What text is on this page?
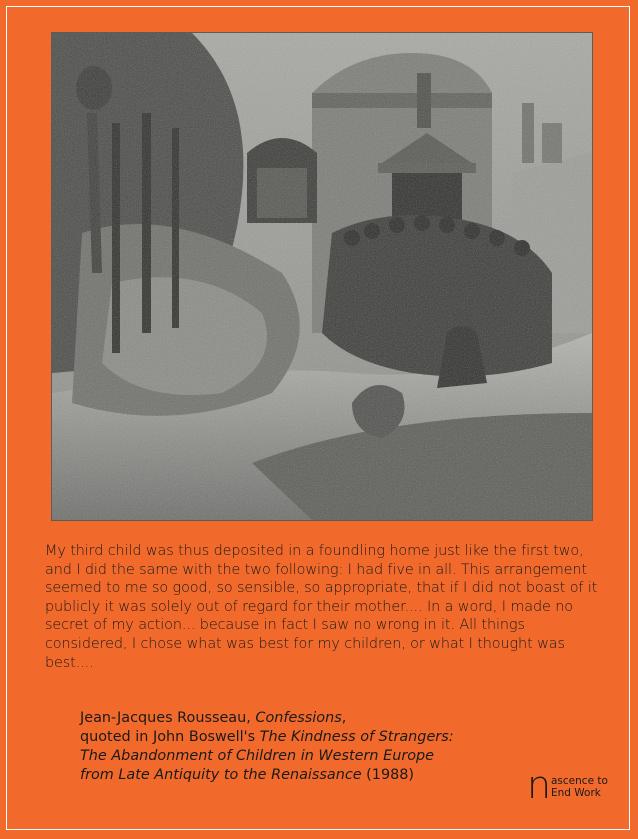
My third child was thus deposited in a foundling home just like the first two, and I did the same with the two following: I had five in all. This arrangement seemed to me so good, so sensible, so appropriate, that if I did not boast of it publicly it was solely out of regard for their mother.... In a word, I made no secret of my action... because in fact I saw no wrong in it. All things considered, I chose what was best for my children, or what I thought was best....

Jean-Jacques Rousseau, Confessions,
quoted in John Boswell's The Kindness of Strangers:
The Abandonment of Children in Western Europe
from Late Antiquity to the Renaissance (1988)	n ascence to
End Work
